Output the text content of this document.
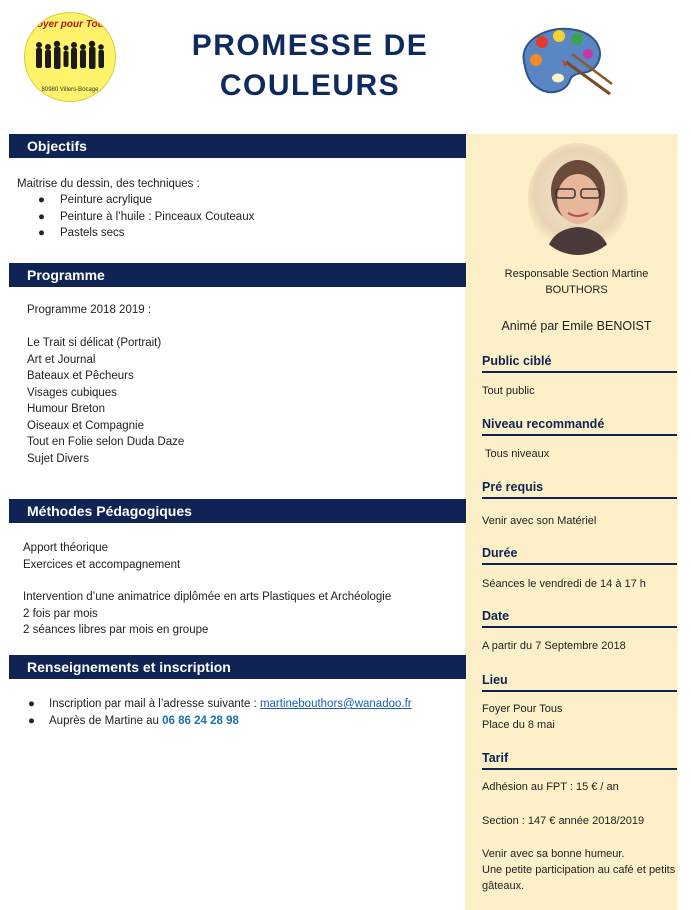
Foyer pour Tous
80980 Villers-Bocage
PROMESSE DE
COULEURS
Objectifs
Maitrise du dessin, des techniques :
● Peinture acrylique
● Peinture à l’huile : Pinceaux Couteaux
● Pastels secs
Programme
Programme 2018 2019 :
Le Trait si délicat (Portrait)
Art et Journal
Bateaux et Pêcheurs
Visages cubiques
Humour Breton
Oiseaux et Compagnie
Tout en Folie selon Duda Daze
Sujet Divers
Méthodes Pédagogiques
Apport théorique
Exercices et accompagnement
Intervention d’une animatrice diplômée en arts Plastiques et Archéologie
2 fois par mois
2 séances libres par mois en groupe
Renseignements et inscription
● Inscription par mail à l’adresse suivante : martinebouthors@wanadoo.fr
● Auprès de Martine au 06 86 24 28 98
Responsable Section Martine
BOUTHORS
Animé par Emile BENOIST
Public ciblé
Tout public
Niveau recommandé
Tous niveaux
Pré requis
Venir avec son Matériel
Durée
Séances le vendredi de 14 à 17 h
Date
A partir du 7 Septembre 2018
Lieu
Foyer Pour Tous
Place du 8 mai
Tarif
Adhésion au FPT : 15 € / an
Section : 147 € année 2018/2019
Venir avec sa bonne humeur.
Une petite participation au café et petits gâteaux.
